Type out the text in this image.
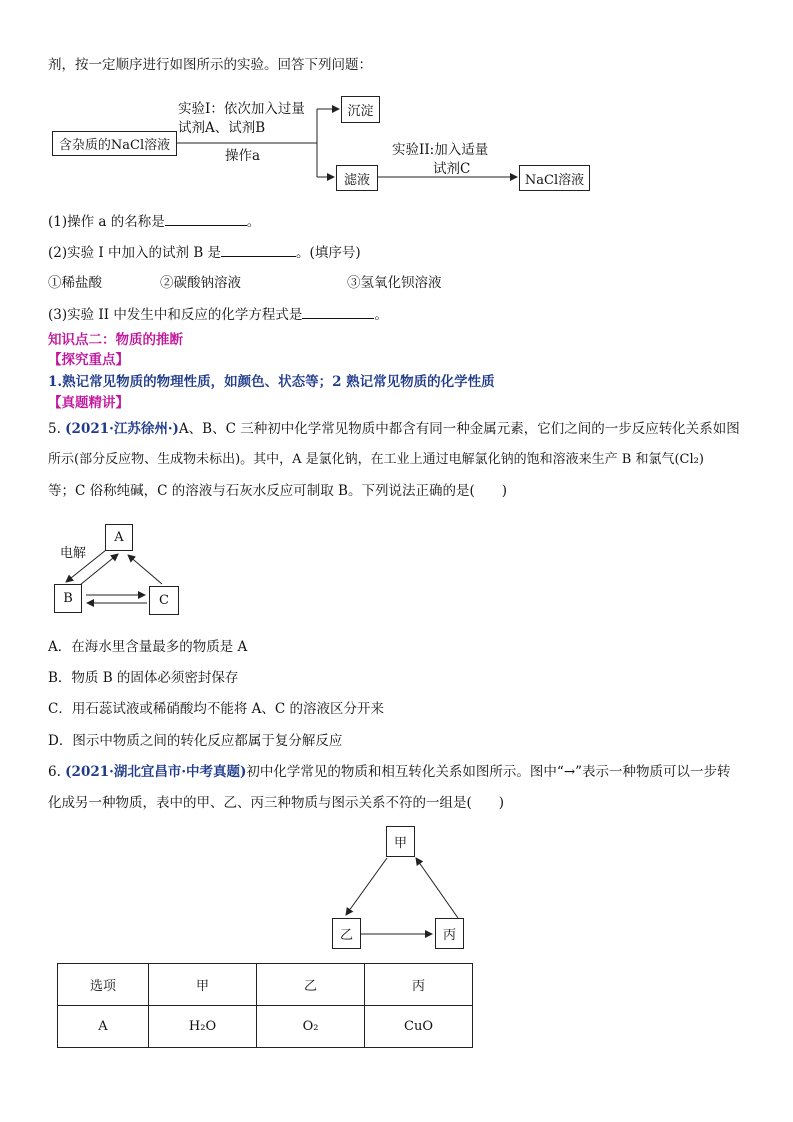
剂，按一定顺序进行如图所示的实验。回答下列问题：
含杂质的NaCl溶液
实验I：依次加入过量
试剂A、试剂B
操作a
沉淀
滤液
实验II:加入适量
试剂C
NaCl溶液
(1)操作 a 的名称是	。
(2)实验 I 中加入的试剂 B 是	。(填序号)
①稀盐酸	②碳酸钠溶液	③氢氧化钡溶液
(3)实验 II 中发生中和反应的化学方程式是	。
知识点二：物质的推断
【探究重点】
1.熟记常见物质的物理性质，如颜色、状态等；2 熟记常见物质的化学性质
【真题精讲】
5. (2021·江苏徐州·)A、B、C 三种初中化学常见物质中都含有同一种金属元素，它们之间的一步反应转化关系如图
所示(部分反应物、生成物未标出)。其中，A 是氯化钠，在工业上通过电解氯化钠的饱和溶液来生产 B 和氯气(Cl₂)
等；C 俗称纯碱，C 的溶液与石灰水反应可制取 B。下列说法正确的是(　　)
电解
A
B	C
A．在海水里含量最多的物质是 A
B．物质 B 的固体必须密封保存
C．用石蕊试液或稀硝酸均不能将 A、C 的溶液区分开来
D．图示中物质之间的转化反应都属于复分解反应
6. (2021·湖北宜昌市·中考真题)初中化学常见的物质和相互转化关系如图所示。图中“→”表示一种物质可以一步转
化成另一种物质，表中的甲、乙、丙三种物质与图示关系不符的一组是(　　)
甲
乙	丙
选项	甲	乙	丙
A	H₂O	O₂	CuO
